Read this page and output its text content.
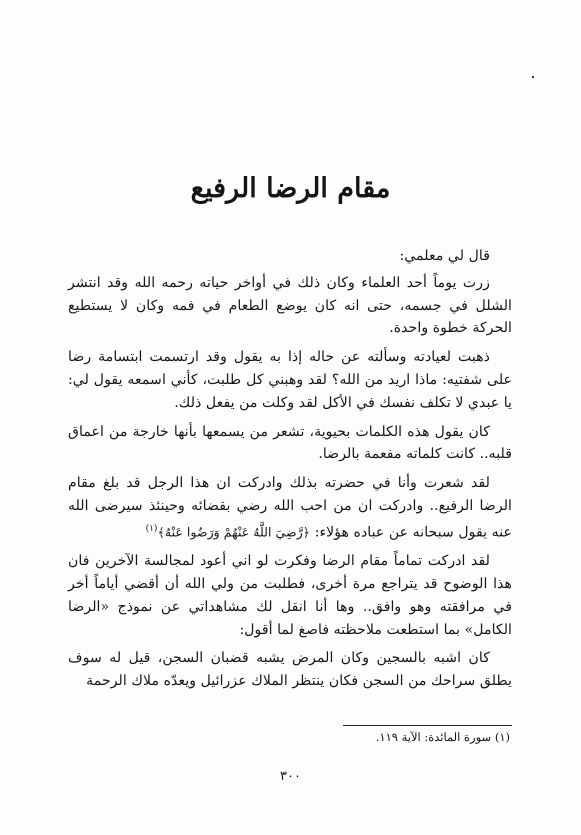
مقام الرضا الرفيع

قال لي معلمي:

زرت يوماً أحد العلماء وكان ذلك في أواخر حياته رحمه الله وقد انتشر الشلل في جسمه، حتى انه كان يوضع الطعام في فمه وكان لا يستطيع الحركة خطوة واحدة.

ذهبت لعيادته وسألته عن حاله إذا به يقول وقد ارتسمت ابتسامة رضا على شفتيه: ماذا اريد من الله؟ لقد وهبني كل طلبت، كأني اسمعه يقول لي: يا عبدي لا تكلف نفسك في الأكل لقد وكلت من يفعل ذلك.

كان يقول هذه الكلمات بحيوية، تشعر من يسمعها بأنها خارجة من اعماق قلبه.. كانت كلماته مفعمة بالرضا.

لقد شعرت وأنا في حضرته بذلك وادركت ان هذا الرجل قد بلغ مقام الرضا الرفيع.. وادركت ان من احب الله رضي بقضائه وحينئذ سيرضى الله عنه يقول سبحانه عن عباده هؤلاء: ﴿رَّضِيَ اللَّهُ عَنْهُمْ وَرَضُوا عَنْهُ﴾$^{(١)}$

لقد ادركت تماماً مقام الرضا وفكرت لو اني أعود لمجالسة الآخرين فان هذا الوضوح قد يتراجع مرة أخرى، فطلبت من ولي الله أن أقضي أياماً أخر في مرافقته وهو وافق.. وها أنا انقل لك مشاهداتي عن نموذج «الرضا الكامل» بما استطعت ملاحظته فاصغ لما أقول:

كان اشبه بالسجين وكان المرض يشبه قضبان السجن، قيل له سوف يطلق سراحك من السجن فكان ينتظر الملاك عزرائيل ويعدّه ملاك الرحمة

(١) سورة المائدة: الآية ١١٩.
٣٠٠
